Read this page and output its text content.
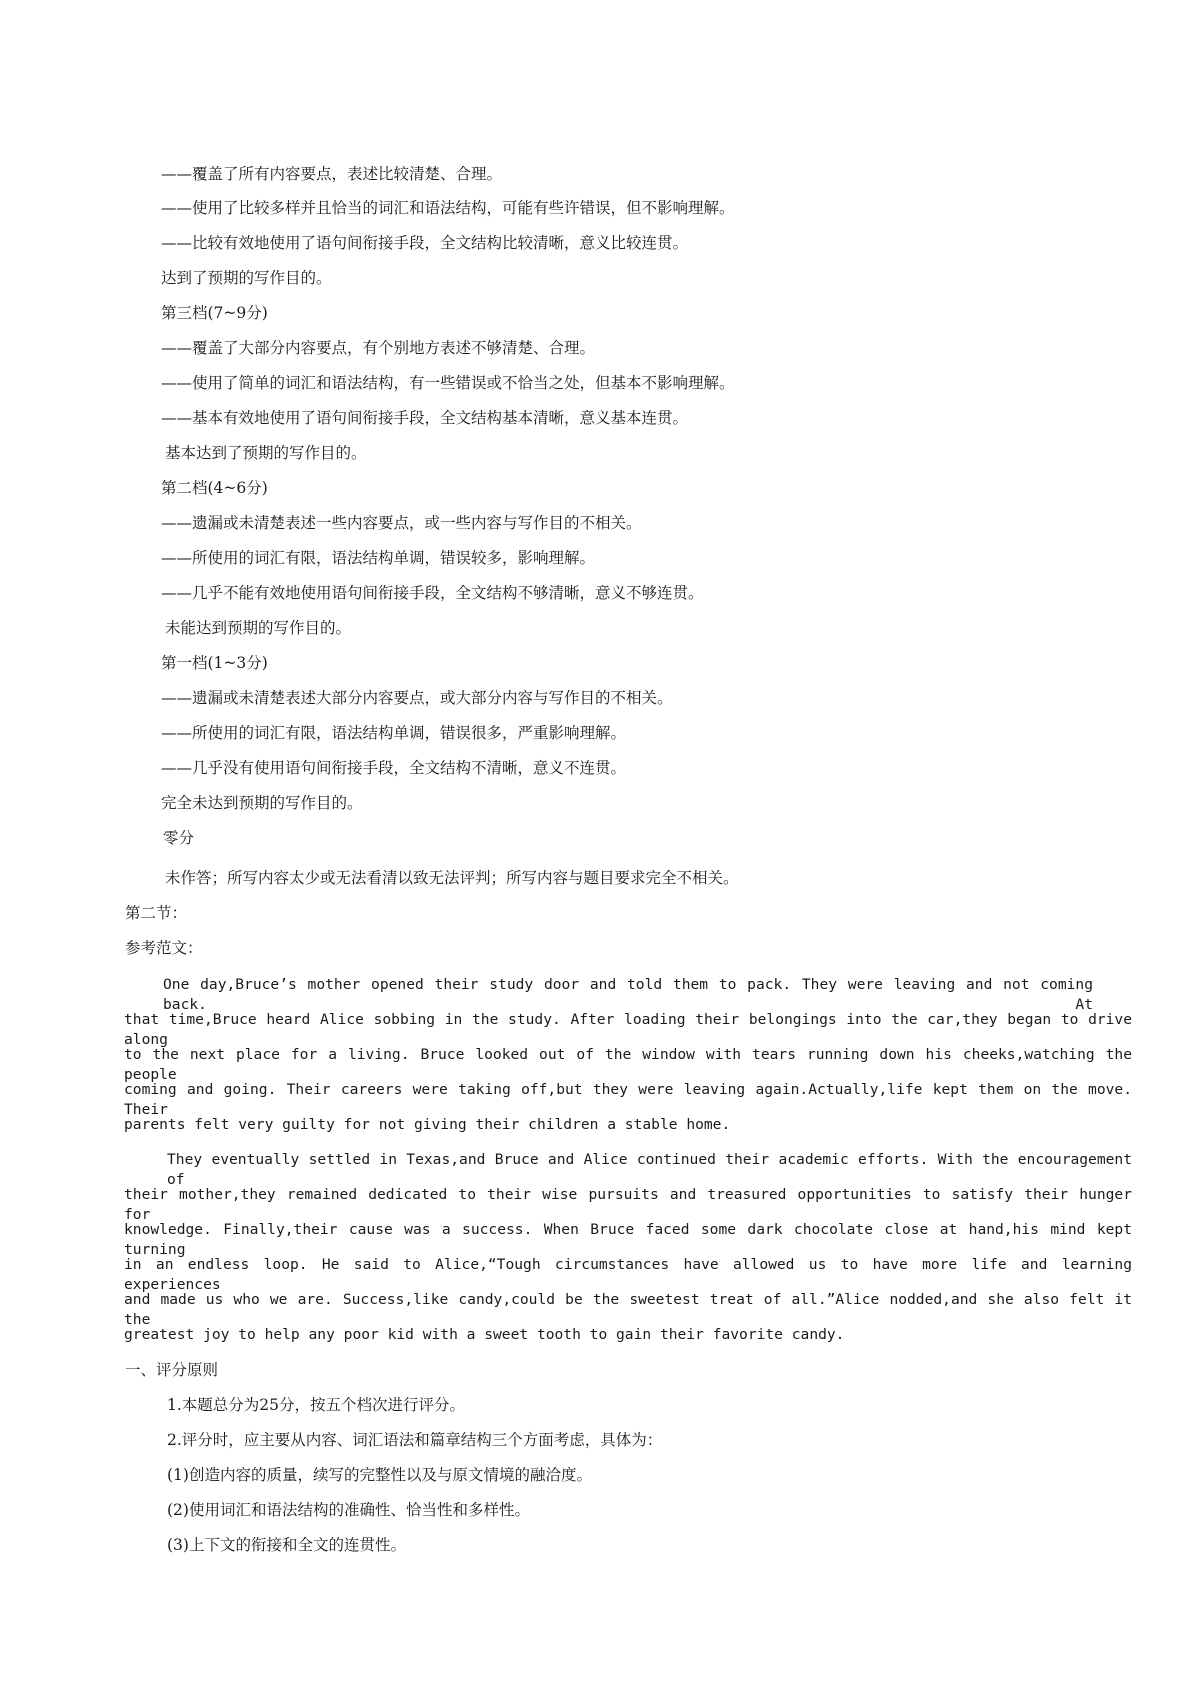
——覆盖了所有内容要点，表述比较清楚、合理。
——使用了比较多样并且恰当的词汇和语法结构，可能有些许错误，但不影响理解。
——比较有效地使用了语句间衔接手段，全文结构比较清晰，意义比较连贯。
达到了预期的写作目的。
第三档(7~9分)
——覆盖了大部分内容要点，有个别地方表述不够清楚、合理。
——使用了简单的词汇和语法结构，有一些错误或不恰当之处，但基本不影响理解。
——基本有效地使用了语句间衔接手段，全文结构基本清晰，意义基本连贯。
基本达到了预期的写作目的。
第二档(4~6分)
——遗漏或未清楚表述一些内容要点，或一些内容与写作目的不相关。
——所使用的词汇有限，语法结构单调，错误较多，影响理解。
——几乎不能有效地使用语句间衔接手段，全文结构不够清晰，意义不够连贯。
未能达到预期的写作目的。
第一档(1~3分)
——遗漏或未清楚表述大部分内容要点，或大部分内容与写作目的不相关。
——所使用的词汇有限，语法结构单调，错误很多，严重影响理解。
——几乎没有使用语句间衔接手段，全文结构不清晰，意义不连贯。
完全未达到预期的写作目的。
零分
未作答；所写内容太少或无法看清以致无法评判；所写内容与题目要求完全不相关。
第二节：
参考范文：
One day,Bruce’s mother opened their study door and told them to pack. They were leaving and not coming back. At
that time,Bruce heard Alice sobbing in the study. After loading their belongings into the car,they began to drive along
to the next place for a living. Bruce looked out of the window with tears running down his cheeks,watching the people
coming and going. Their careers were taking off,but they were leaving again.Actually,life kept them on the move. Their
parents felt very guilty for not giving their children a stable home.
They eventually settled in Texas,and Bruce and Alice continued their academic efforts. With the encouragement of
their mother,they remained dedicated to their wise pursuits and treasured opportunities to satisfy their hunger for
knowledge. Finally,their cause was a success. When Bruce faced some dark chocolate close at hand,his mind kept turning
in an endless loop. He said to Alice,“Tough circumstances have allowed us to have more life and learning experiences
and made us who we are. Success,like candy,could be the sweetest treat of all.”Alice nodded,and she also felt it the
greatest joy to help any poor kid with a sweet tooth to gain their favorite candy.
一、评分原则
1.本题总分为25分，按五个档次进行评分。
2.评分时，应主要从内容、词汇语法和篇章结构三个方面考虑，具体为：
(1)创造内容的质量，续写的完整性以及与原文情境的融洽度。
(2)使用词汇和语法结构的准确性、恰当性和多样性。
(3)上下文的衔接和全文的连贯性。
